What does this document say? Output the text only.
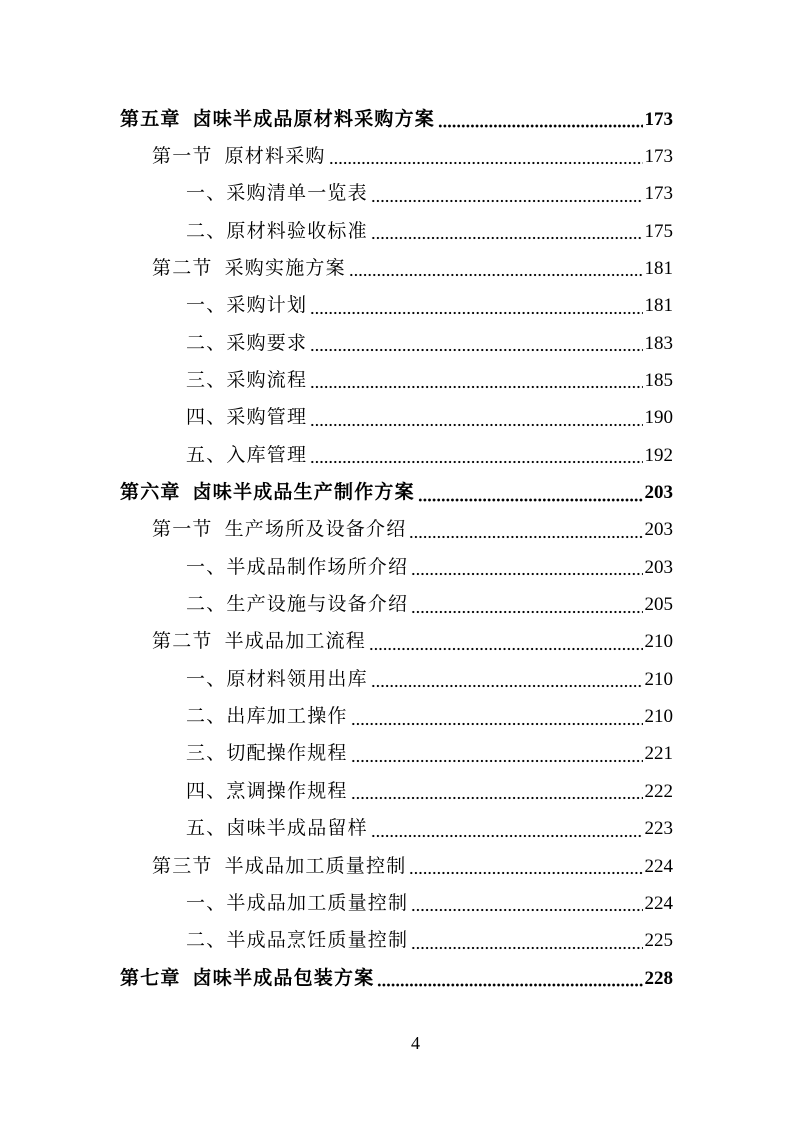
第五章 卤味半成品原材料采购方案	173
第一节 原材料采购	173
一、 采购清单一览表	173
二、 原材料验收标准	175
第二节 采购实施方案	181
一、 采购计划	181
二、 采购要求	183
三、 采购流程	185
四、 采购管理	190
五、 入库管理	192
第六章 卤味半成品生产制作方案	203
第一节 生产场所及设备介绍	203
一、 半成品制作场所介绍	203
二、 生产设施与设备介绍	205
第二节 半成品加工流程	210
一、 原材料领用出库	210
二、 出库加工操作	210
三、 切配操作规程	221
四、 烹调操作规程	222
五、 卤味半成品留样	223
第三节 半成品加工质量控制	224
一、 半成品加工质量控制	224
二、 半成品烹饪质量控制	225
第七章 卤味半成品包装方案	228
4
